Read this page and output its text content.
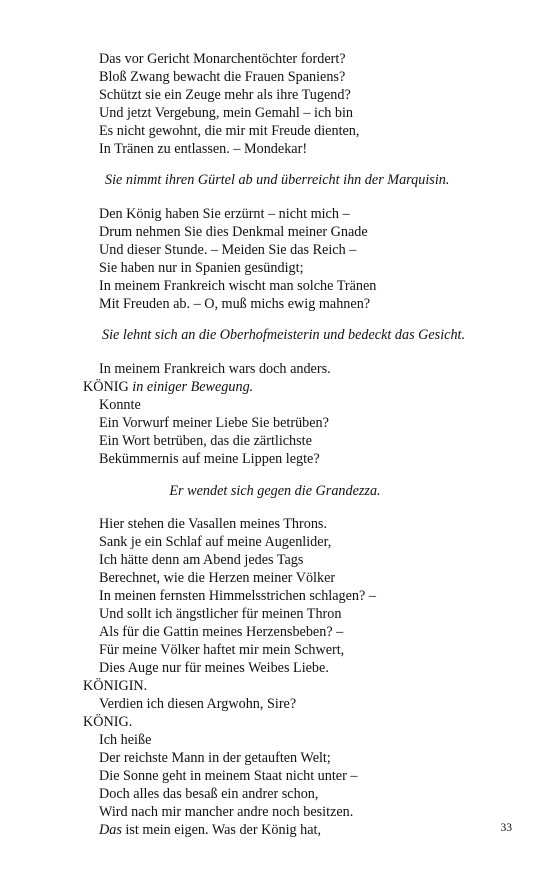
Das vor Gericht Monarchentöchter fordert?
Bloß Zwang bewacht die Frauen Spaniens?
Schützt sie ein Zeuge mehr als ihre Tugend?
Und jetzt Vergebung, mein Gemahl – ich bin
Es nicht gewohnt, die mir mit Freude dienten,
In Tränen zu entlassen. – Mondekar!
Sie nimmt ihren Gürtel ab und überreicht ihn der Marquisin.
Den König haben Sie erzürnt – nicht mich –
Drum nehmen Sie dies Denkmal meiner Gnade
Und dieser Stunde. – Meiden Sie das Reich –
Sie haben nur in Spanien gesündigt;
In meinem Frankreich wischt man solche Tränen
Mit Freuden ab. – O, muß michs ewig mahnen?
Sie lehnt sich an die Oberhofmeisterin und bedeckt das Gesicht.
In meinem Frankreich wars doch anders.
KÖNIG in einiger Bewegung.
Konnte
Ein Vorwurf meiner Liebe Sie betrüben?
Ein Wort betrüben, das die zärtlichste
Bekümmernis auf meine Lippen legte?
Er wendet sich gegen die Grandezza.
Hier stehen die Vasallen meines Throns.
Sank je ein Schlaf auf meine Augenlider,
Ich hätte denn am Abend jedes Tags
Berechnet, wie die Herzen meiner Völker
In meinen fernsten Himmelsstrichen schlagen? –
Und sollt ich ängstlicher für meinen Thron
Als für die Gattin meines Herzensbeben? –
Für meine Völker haftet mir mein Schwert,
Dies Auge nur für meines Weibes Liebe.
KÖNIGIN.
Verdien ich diesen Argwohn, Sire?
KÖNIG.
Ich heiße
Der reichste Mann in der getauften Welt;
Die Sonne geht in meinem Staat nicht unter –
Doch alles das besaß ein andrer schon,
Wird nach mir mancher andre noch besitzen.
Das ist mein eigen. Was der König hat,	33
